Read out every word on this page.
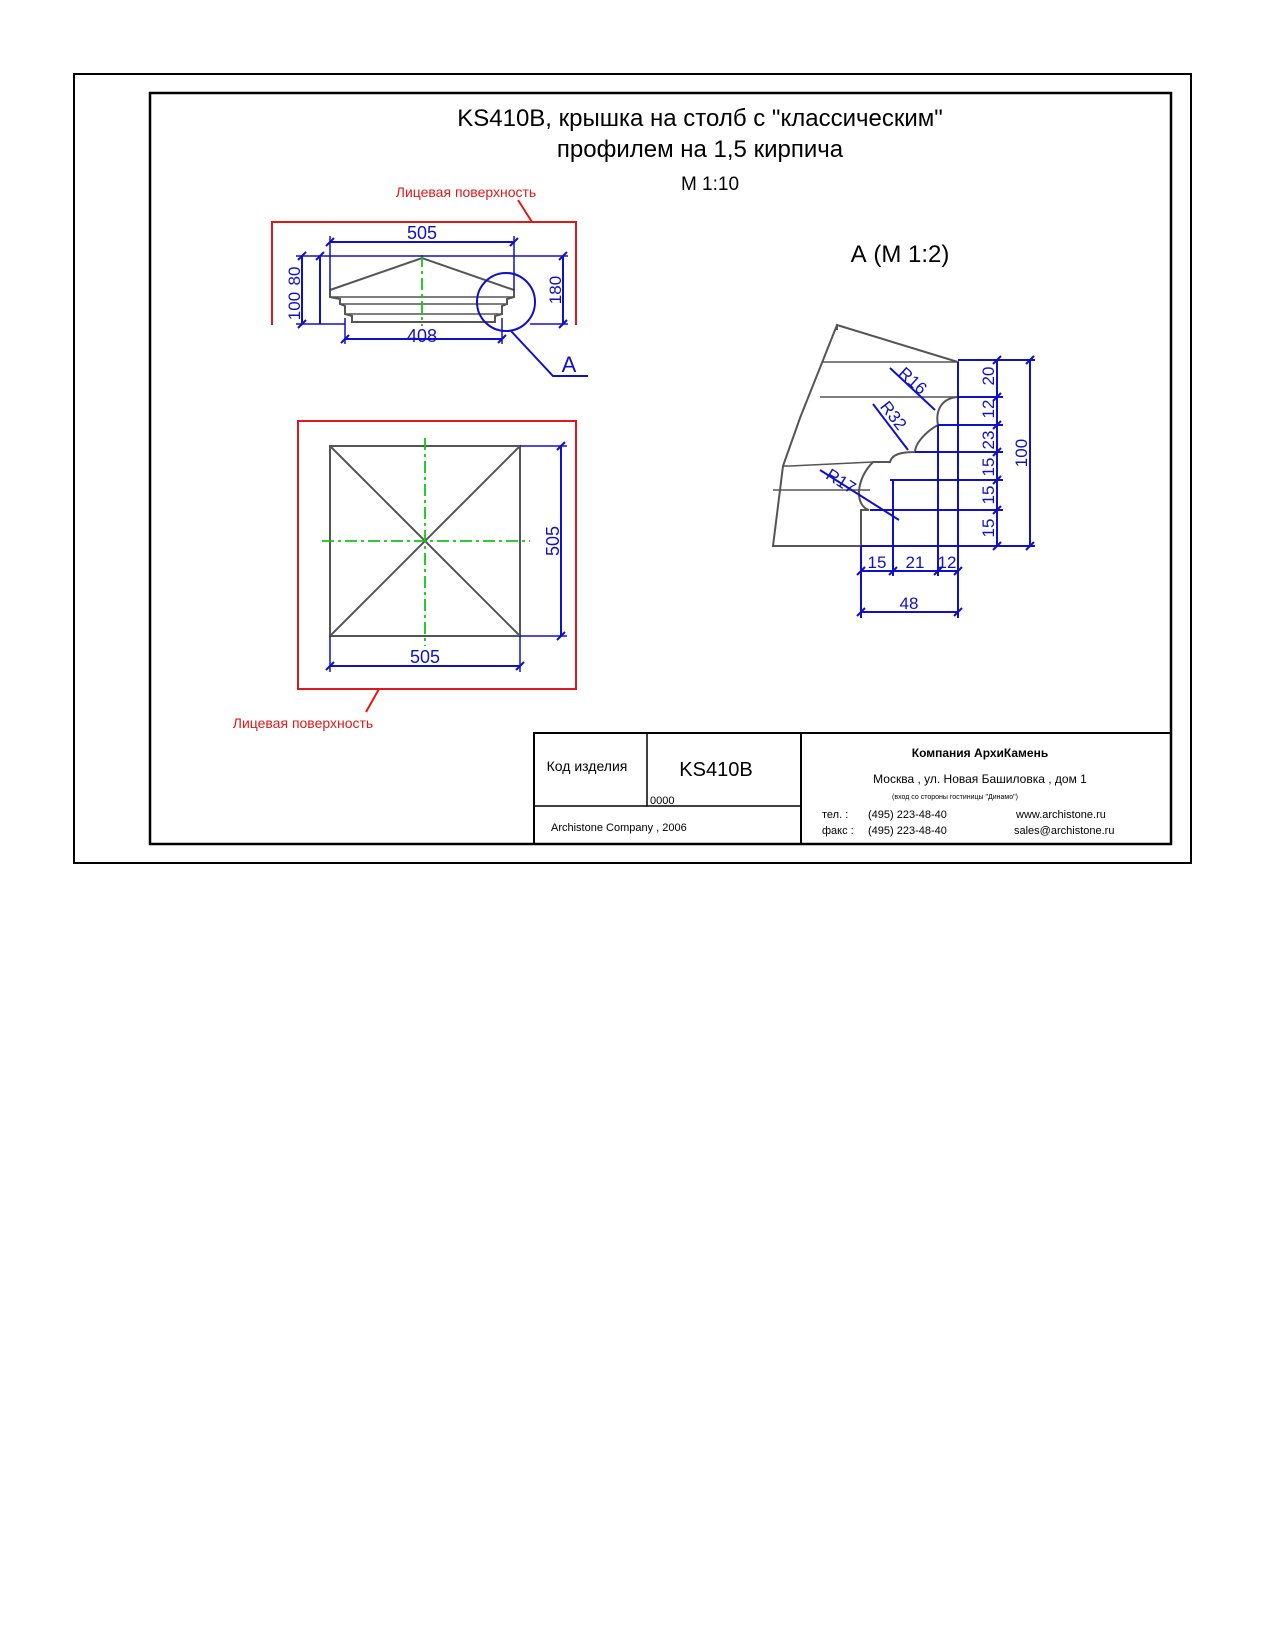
KS410B, крышка на столб с "классическим"
профилем на 1,5 кирпича
М 1:10
Лицевая поверхность
А
505
408
100
80	180
Лицевая поверхность
505
505
А (М 1:2)
R16
R32
R17
20
12
23
15
15
15
100
15 21 12
48
Код изделия	KS410B
0000
Archistone Company , 2006
Компания АрхиКамень
Москва , ул. Новая Башиловка , дом 1
(вход со стороны гостиницы "Динамо")
тел. : (495) 223-48-40
факс : (495) 223-48-40
www.archistone.ru
sales@archistone.ru
